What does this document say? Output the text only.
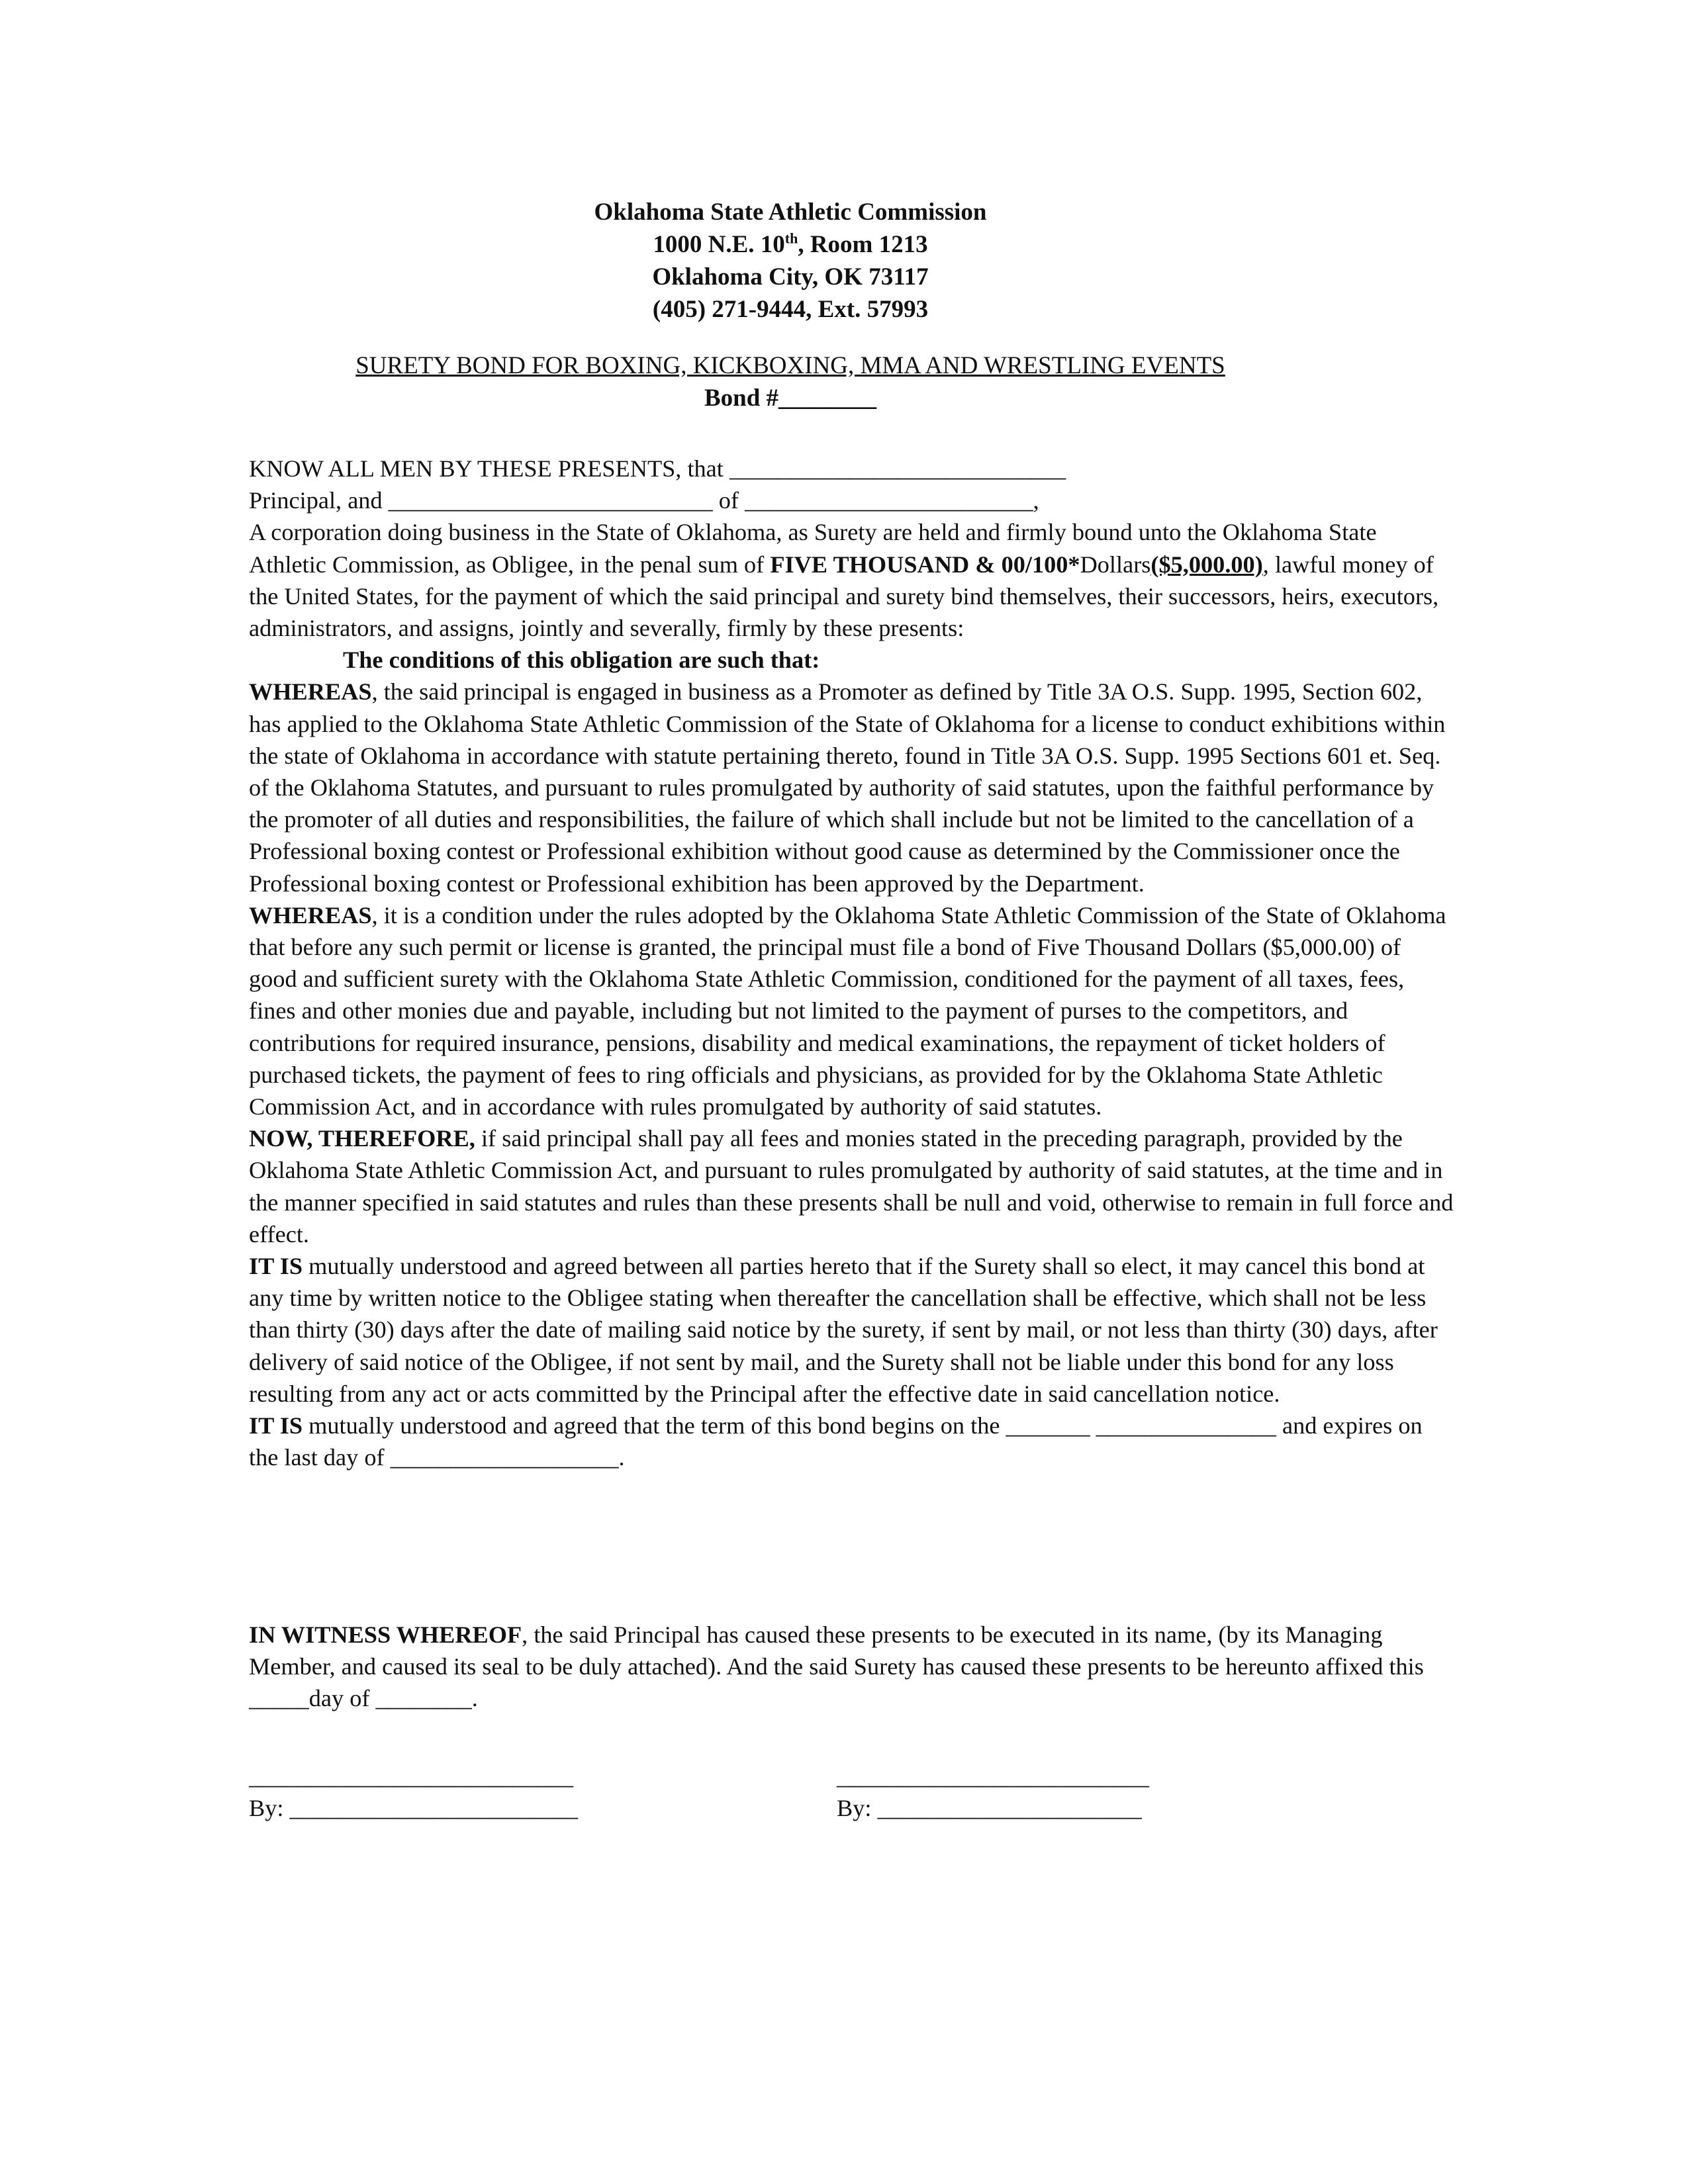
Oklahoma State Athletic Commission
1000 N.E. 10th, Room 1213
Oklahoma City, OK 73117
(405) 271-9444, Ext. 57993
SURETY BOND FOR BOXING, KICKBOXING, MMA AND WRESTLING EVENTS
Bond #________

KNOW ALL MEN BY THESE PRESENTS, that ____________________________

Principal, and ___________________________ of ________________________,

A corporation doing business in the State of Oklahoma, as Surety are held and firmly bound unto the Oklahoma State Athletic Commission, as Obligee, in the penal sum of FIVE THOUSAND & 00/100*Dollars($5,000.00), lawful money of the United States, for the payment of which the said principal and surety bind themselves, their successors, heirs, executors, administrators, and assigns, jointly and severally, firmly by these presents:

The conditions of this obligation are such that:

WHEREAS, the said principal is engaged in business as a Promoter as defined by Title 3A O.S. Supp. 1995, Section 602, has applied to the Oklahoma State Athletic Commission of the State of Oklahoma for a license to conduct exhibitions within the state of Oklahoma in accordance with statute pertaining thereto, found in Title 3A O.S. Supp. 1995 Sections 601 et. Seq. of the Oklahoma Statutes, and pursuant to rules promulgated by authority of said statutes, upon the faithful performance by the promoter of all duties and responsibilities, the failure of which shall include but not be limited to the cancellation of a Professional boxing contest or Professional exhibition without good cause as determined by the Commissioner once the Professional boxing contest or Professional exhibition has been approved by the Department.

WHEREAS, it is a condition under the rules adopted by the Oklahoma State Athletic Commission of the State of Oklahoma that before any such permit or license is granted, the principal must file a bond of Five Thousand Dollars ($5,000.00) of good and sufficient surety with the Oklahoma State Athletic Commission, conditioned for the payment of all taxes, fees, fines and other monies due and payable, including but not limited to the payment of purses to the competitors, and contributions for required insurance, pensions, disability and medical examinations, the repayment of ticket holders of purchased tickets, the payment of fees to ring officials and physicians, as provided for by the Oklahoma State Athletic Commission Act, and in accordance with rules promulgated by authority of said statutes.

NOW, THEREFORE, if said principal shall pay all fees and monies stated in the preceding paragraph, provided by the Oklahoma State Athletic Commission Act, and pursuant to rules promulgated by authority of said statutes, at the time and in the manner specified in said statutes and rules than these presents shall be null and void, otherwise to remain in full force and effect.

IT IS mutually understood and agreed between all parties hereto that if the Surety shall so elect, it may cancel this bond at any time by written notice to the Obligee stating when thereafter the cancellation shall be effective, which shall not be less than thirty (30) days after the date of mailing said notice by the surety, if sent by mail, or not less than thirty (30) days, after delivery of said notice of the Obligee, if not sent by mail, and the Surety shall not be liable under this bond for any loss resulting from any act or acts committed by the Principal after the effective date in said cancellation notice.

IT IS mutually understood and agreed that the term of this bond begins on the _______ _______________ and expires on the last day of ___________________.

IN WITNESS WHEREOF, the said Principal has caused these presents to be executed in its name, (by its Managing Member, and caused its seal to be duly attached). And the said Surety has caused these presents to be hereunto affixed this _____day of ________.

___________________________
By: ________________________
__________________________
By: ______________________
